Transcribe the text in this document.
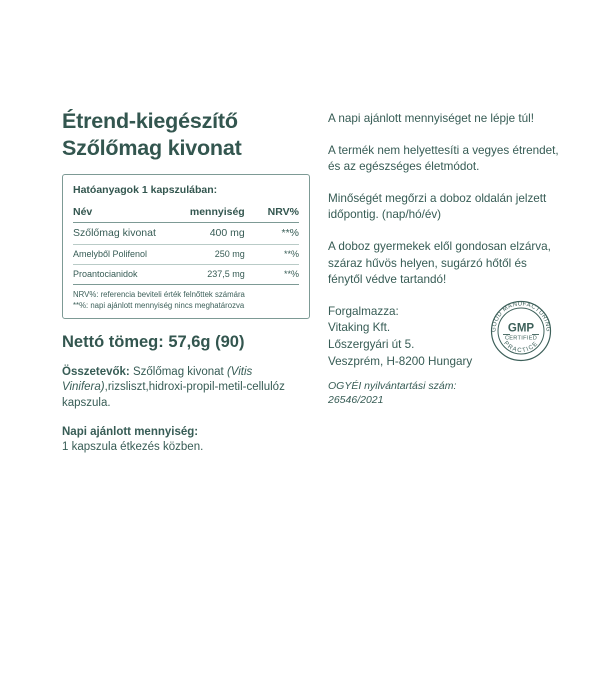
Étrend-kiegészítő
Szőlőmag kivonat
Hatóanyagok 1 kapszulában:
Név	mennyiség	NRV%
Szőlőmag kivonat	400 mg	**%
Amelyből Polifenol	250 mg	**%
Proantocianidok	237,5 mg	**%
NRV%: referencia beviteli érték felnőttek számára
**%: napi ajánlott mennyiség nincs meghatározva
Nettó tömeg: 57,6g (90)
Összetevők: Szőlőmag kivonat (Vitis Vinifera),rizsliszt,hidroxi-propil-metil-cellulóz kapszula.
Napi ajánlott mennyiség:
1 kapszula étkezés közben.

A napi ajánlott mennyiséget ne lépje túl!

A termék nem helyettesíti a vegyes étrendet, és az egészséges életmódot.

Minőségét megőrzi a doboz oldalán jelzett időpontig. (nap/hó/év)

A doboz gyermekek elől gondosan elzárva, száraz hűvös helyen, sugárzó hőtől és fénytől védve tartandó!

GOOD MANUFACTURING
PRACTICE
GMP
CERTIFIED

Forgalmazza:
Vitaking Kft.
Lőszergyári út 5.
Veszprém, H-8200 Hungary

OGYÉI nyilvántartási szám:
26546/2021
